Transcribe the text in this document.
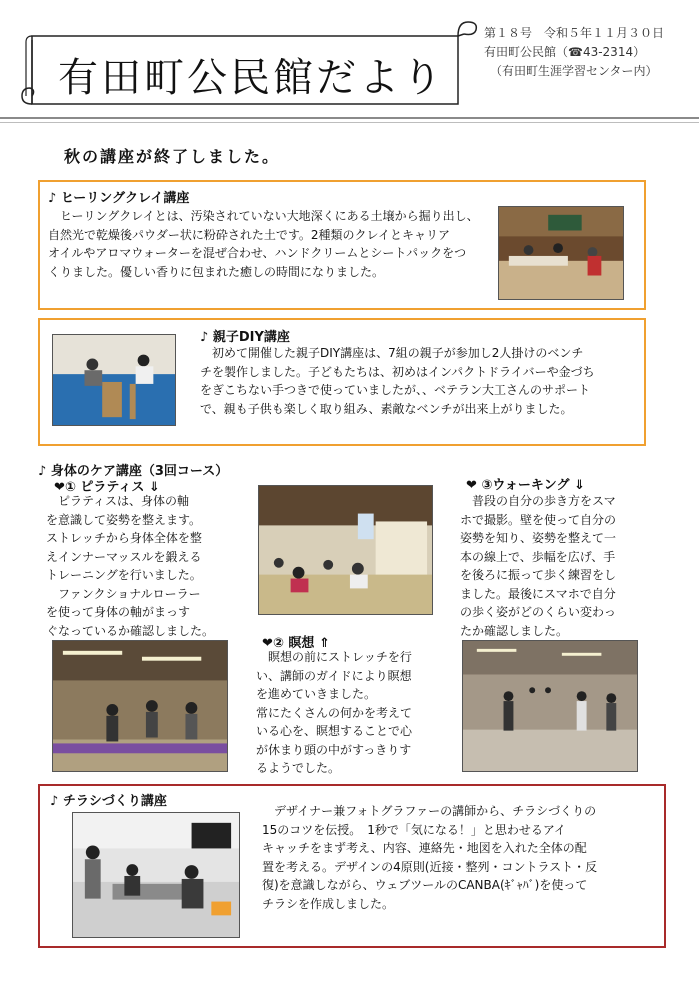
有田町公民館だより
第１８号　令和５年１１月３０日
有田町公民館（☎43-2314）
（有田町生涯学習センター内）
秋の講座が終了しました。
♪ ヒーリングクレイ講座
　ヒーリングクレイとは、汚染されていない大地深くにある土壌から掘り出し、
自然光で乾燥後パウダー状に粉砕された土です。2種類のクレイとキャリア
オイルやアロマウォーターを混ぜ合わせ、ハンドクリームとシートパックをつ
くりました。優しい香りに包まれた癒しの時間になりました。
♪ 親子DIY講座
　初めて開催した親子DIY講座は、7組の親子が参加し2人掛けのベンチ
チを製作しました。子どもたちは、初めはインパクトドライバーや金づち
をぎこちない手つきで使っていましたが、、ベテラン大工さんのサポート
で、親も子供も楽しく取り組み、素敵なベンチが出来上がりました。
♪ 身体のケア講座（3回コース）
❤① ピラティス ⇓
　ピラティスは、身体の軸
を意識して姿勢を整えます。
ストレッチから身体全体を整
えインナーマッスルを鍛える
トレーニングを行いました。
　ファンクショナルローラー
を使って身体の軸がまっす
ぐなっているか確認しました。
❤ ③ウォーキング ⇓
　普段の自分の歩き方をスマ
ホで撮影。壁を使って自分の
姿勢を知り、姿勢を整えて一
本の線上で、歩幅を広げ、手
を後ろに振って歩く練習をし
ました。最後にスマホで自分
の歩く姿がどのくらい変わっ
たか確認しました。
❤② 瞑想 ⇑
　瞑想の前にストレッチを行
い、講師のガイドにより瞑想
を進めていきました。
常にたくさんの何かを考えて
いる心を、瞑想することで心
が休まり頭の中がすっきりす
るようでした。
♪ チラシづくり講座
　デザイナー兼フォトグラファーの講師から、チラシづくりの
15のコツを伝授。　1秒で「気になる！」と思わせるアイ
キャッチをまず考え、内容、連絡先・地図を入れた全体の配
置を考える。デザインの4原則(近接・整列・コントラスト・反
復)を意識しながら、ウェブツールのCANBA(ｷﾞｬﾊﾞ)を使って
チラシを作成しました。
